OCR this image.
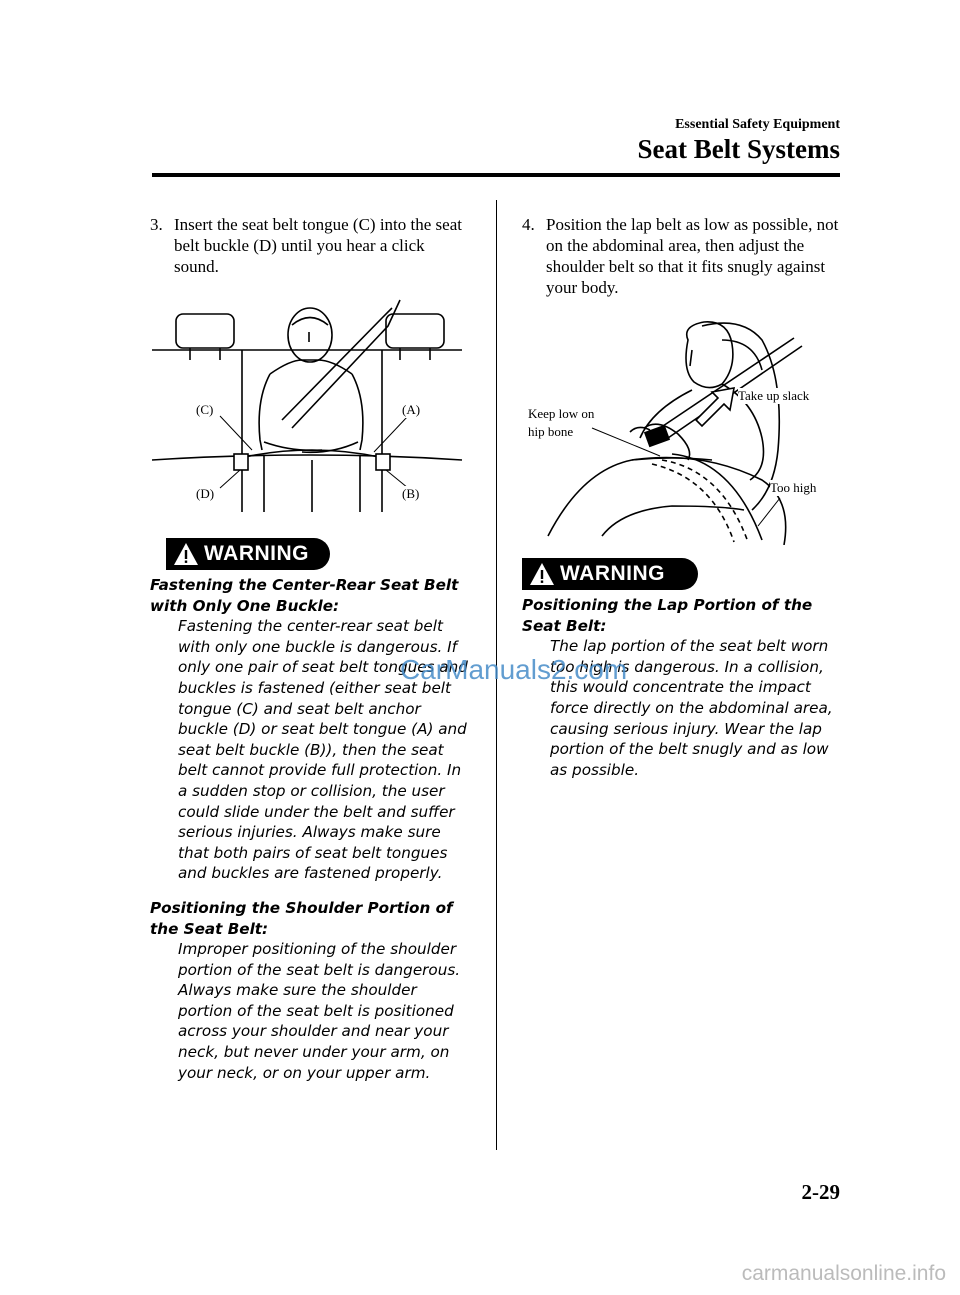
Essential Safety Equipment
Seat Belt Systems
3. Insert the seat belt tongue (C) into the seat belt buckle (D) until you hear a click sound.
(C)	(A)
(D)	(B)
WARNING
Fastening the Center-Rear Seat Belt with Only One Buckle:
Fastening the center-rear seat belt with only one buckle is dangerous. If only one pair of seat belt tongues and buckles is fastened (either seat belt tongue (C) and seat belt anchor buckle (D) or seat belt tongue (A) and seat belt buckle (B)), then the seat belt cannot provide full protection. In a sudden stop or collision, the user could slide under the belt and suffer serious injuries. Always make sure that both pairs of seat belt tongues and buckles are fastened properly.
Positioning the Shoulder Portion of the Seat Belt:
Improper positioning of the shoulder portion of the seat belt is dangerous. Always make sure the shoulder portion of the seat belt is positioned across your shoulder and near your neck, but never under your arm, on your neck, or on your upper arm.
4. Position the lap belt as low as possible, not on the abdominal area, then adjust the shoulder belt so that it fits snugly against your body.
Keep low on
hip bone
Take up slack
Too high
WARNING
Positioning the Lap Portion of the Seat Belt:
The lap portion of the seat belt worn too high is dangerous. In a collision, this would concentrate the impact force directly on the abdominal area, causing serious injury. Wear the lap portion of the belt snugly and as low as possible.
2-29
CarManuals2.com
carmanualsonline.info
